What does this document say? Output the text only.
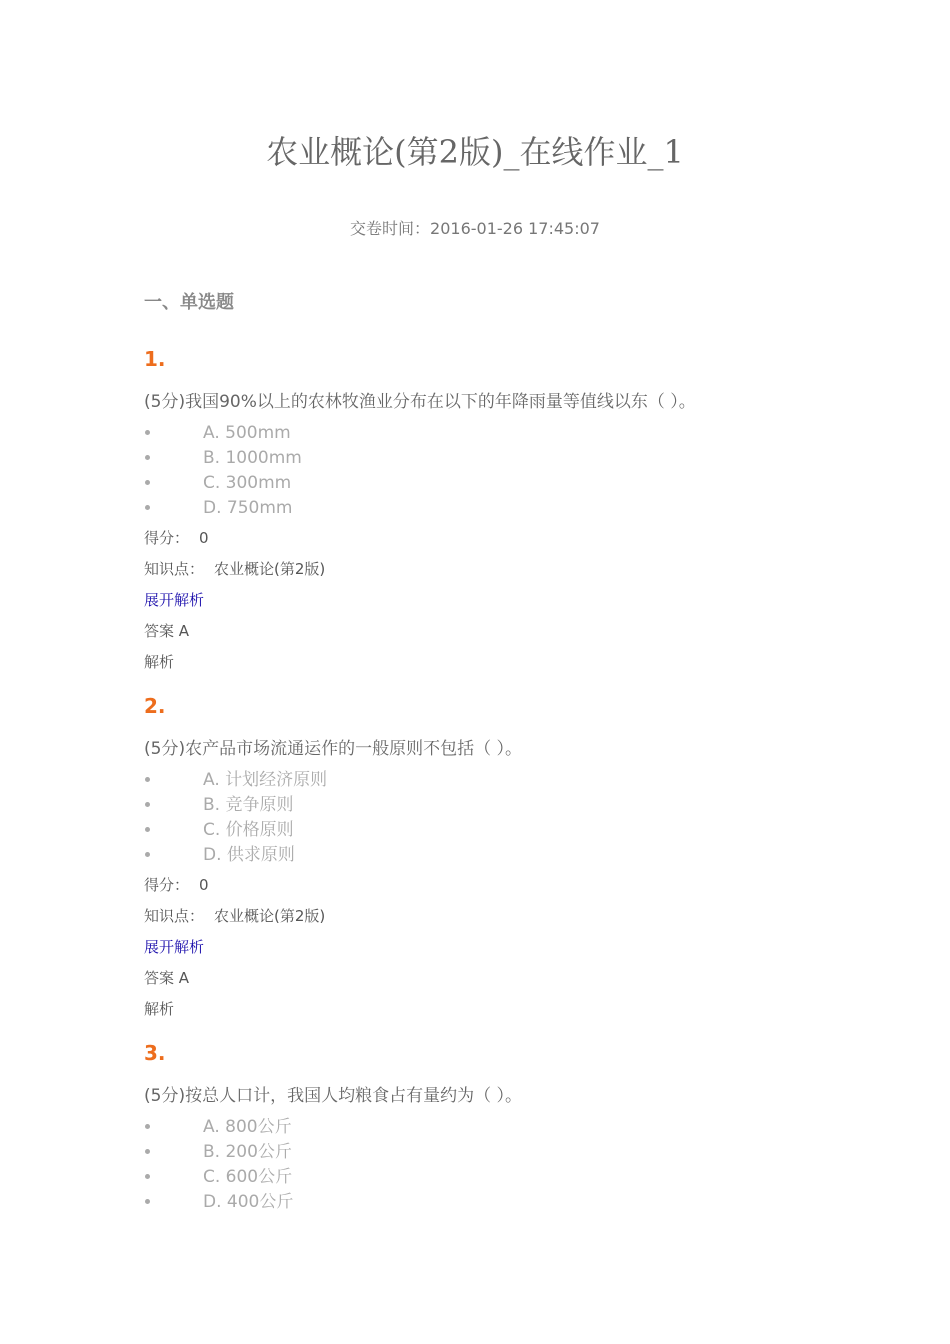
农业概论(第2版)_在线作业_1
交卷时间：2016-01-26 17:45:07
一、单选题
1.
(5分)我国90%以上的农林牧渔业分布在以下的年降雨量等值线以东（ ）。
A. 500mm
B. 1000mm
C. 300mm
D. 750mm
得分： 0
知识点： 农业概论(第2版)
展开解析
答案 A
解析
2.
(5分)农产品市场流通运作的一般原则不包括（ ）。
A. 计划经济原则
B. 竞争原则
C. 价格原则
D. 供求原则
得分： 0
知识点： 农业概论(第2版)
展开解析
答案 A
解析
3.
(5分)按总人口计，我国人均粮食占有量约为（ ）。
A. 800公斤
B. 200公斤
C. 600公斤
D. 400公斤
